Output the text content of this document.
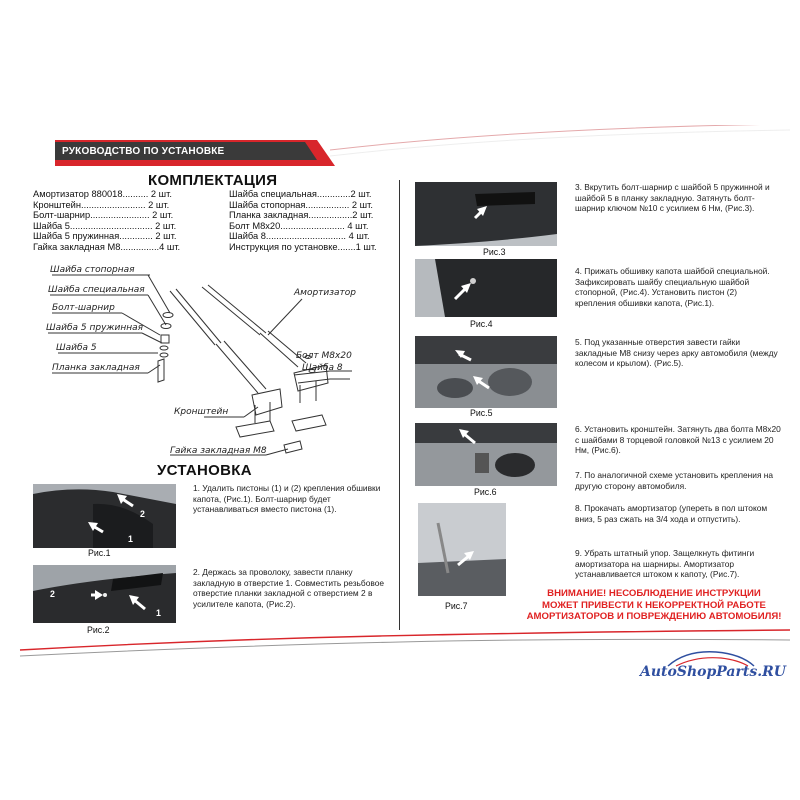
РУКОВОДСТВО ПО УСТАНОВКЕ
КОМПЛЕКТАЦИЯ
Амортизатор 880018.......... 2 шт.
Кронштейн......................... 2 шт.
Болт-шарнир....................... 2 шт.
Шайба 5................................ 2 шт.
Шайба 5 пружинная............. 2 шт.
Гайка закладная М8...............4 шт.
Шайба специальная.............2 шт.
Шайба стопорная................. 2 шт.
Планка закладная.................2 шт.
Болт М8х20......................... 4 шт.
Шайба 8............................... 4 шт.
Инструкция по установке.......1 шт.
Шайба стопорная
Шайба специальная
Болт-шарнир
Шайба 5 пружинная
Шайба 5
Планка закладная
Амортизатор
Болт М8х20
Шайба 8
Кронштейн
Гайка закладная М8
УСТАНОВКА
2
1
Рис.1
1. Удалить пистоны (1) и (2) крепления обшивки капота, (Рис.1). Болт-шарнир будет устанавливаться вместо пистона (1).
2
1
Рис.2
2. Держась за проволоку, завести планку закладную в отверстие 1. Совместить резьбовое отверстие планки закладной с отверстием 2 в усилителе капота, (Рис.2).
Рис.3
3. Вкрутить болт-шарнир с шайбой 5 пружинной и шайбой 5 в планку закладную. Затянуть болт-шарнир ключом №10 с усилием 6 Нм, (Рис.3).
Рис.4
4. Прижать обшивку капота шайбой специальной. Зафиксировать шайбу специальную шайбой стопорной, (Рис.4). Установить пистон (2) крепления обшивки капота, (Рис.1).
Рис.5
5. Под указанные отверстия завести гайки закладные М8 снизу через арку автомобиля (между колесом и крылом). (Рис.5).
Рис.6
6. Установить кронштейн. Затянуть два болта М8х20 с шайбами 8 торцевой головкой №13 с усилием 20 Нм, (Рис.6).
7. По аналогичной схеме установить крепления на другую сторону автомобиля.
Рис.7
8. Прокачать амортизатор (упереть в пол штоком вниз, 5 раз сжать на 3/4 хода и отпустить).
9. Убрать штатный упор. Защелкнуть фитинги амортизатора на шарниры. Амортизатор устанавливается штоком к капоту, (Рис.7).
ВНИМАНИЕ! НЕСОБЛЮДЕНИЕ ИНСТРУКЦИИ
МОЖЕТ ПРИВЕСТИ К НЕКОРРЕКТНОЙ РАБОТЕ
АМОРТИЗАТОРОВ И ПОВРЕЖДЕНИЮ АВТОМОБИЛЯ!
AutoShopParts.RU
